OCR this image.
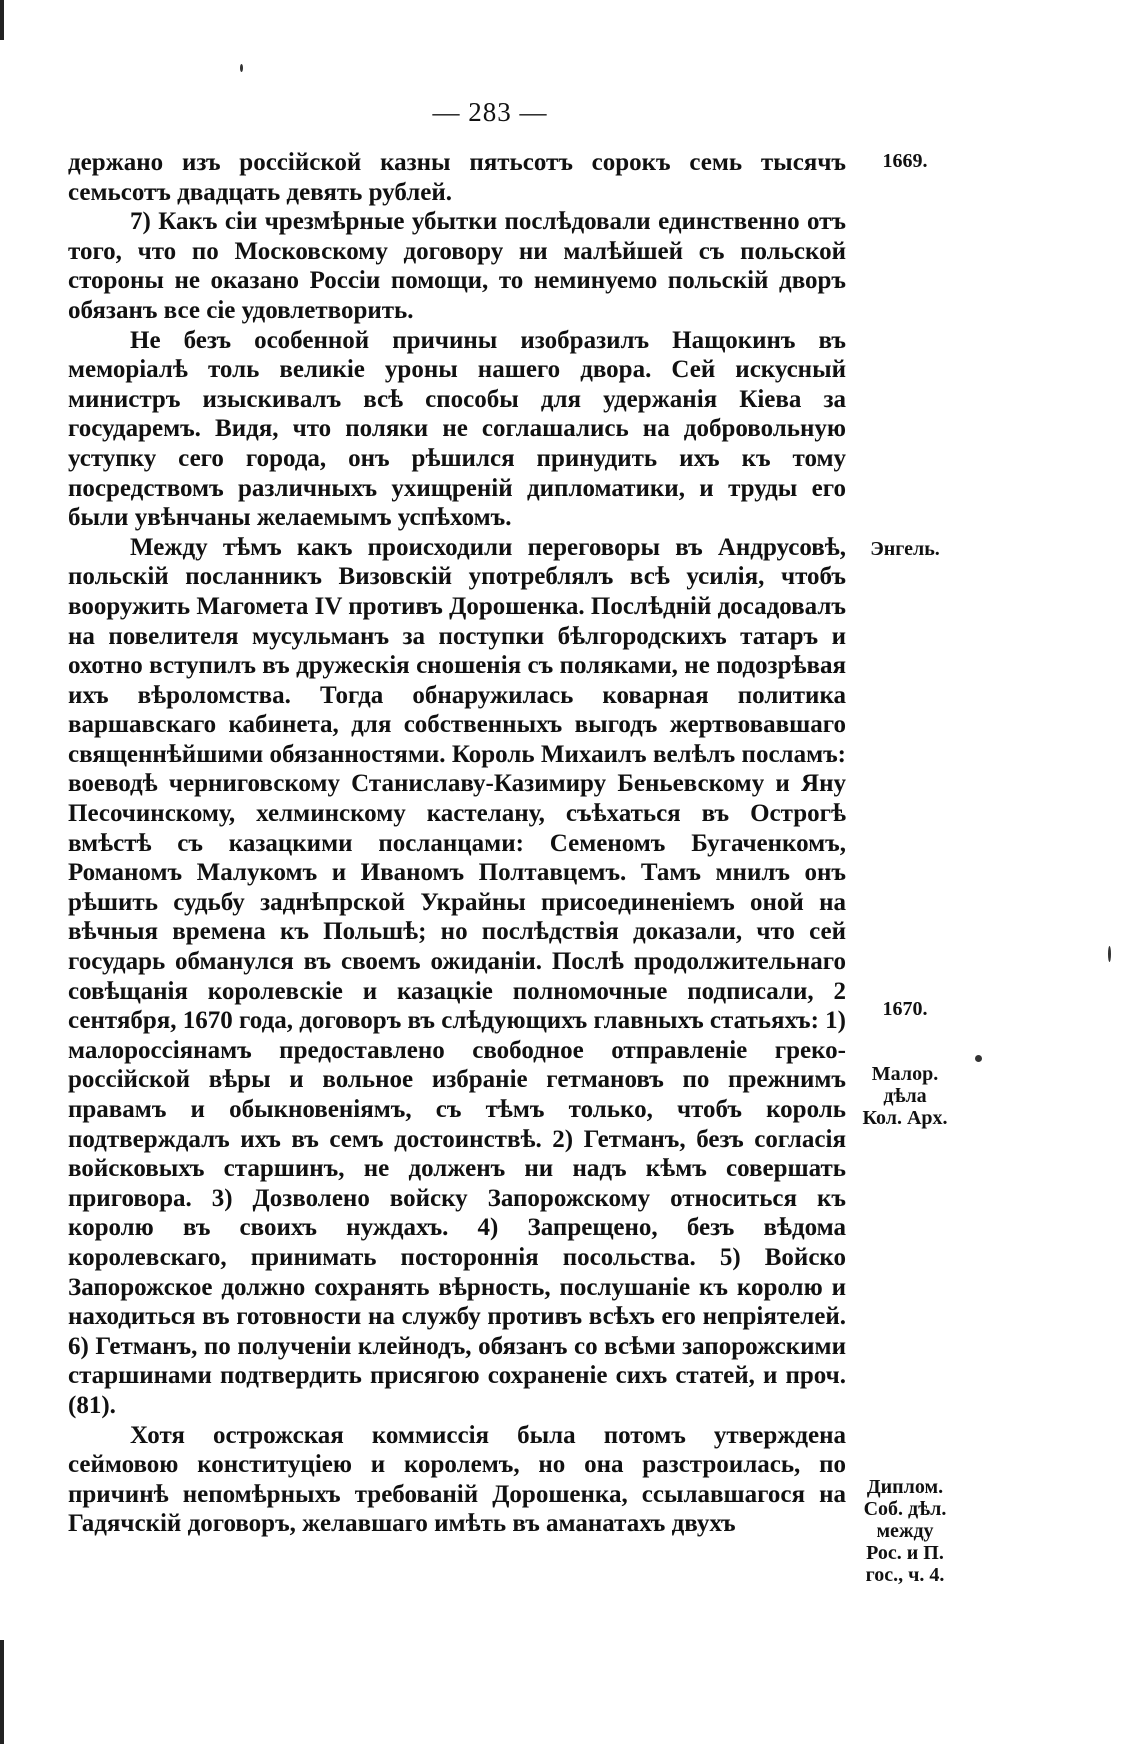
— 283 —

держано изъ россійской казны пятьсотъ сорокъ семь тысячъ семьсотъ двадцать девять рублей.

7) Какъ сіи чрезмѣрные убытки послѣдовали единственно отъ того, что по Московскому договору ни малѣйшей съ польской стороны не оказано Россіи помощи, то неминуемо польскій дворъ обязанъ все сіе удовлетворить.

Не безъ особенной причины изобразилъ Нащокинъ въ меморіалѣ толь великіе уроны нашего двора. Сей искусный министръ изыскивалъ всѣ способы для удержанія Кіева за государемъ. Видя, что поляки не соглашались на добровольную уступку сего города, онъ рѣшился принудить ихъ къ тому посредствомъ различныхъ ухищреній дипломатики, и труды его были увѣнчаны желаемымъ успѣхомъ.

Между тѣмъ какъ происходили переговоры въ Андрусовѣ, польскій посланникъ Визовскій употреблялъ всѣ усилія, чтобъ вооружить Магомета IV противъ Дорошенка. Послѣдній досадовалъ на повелителя мусульманъ за поступки бѣлгородскихъ татаръ и охотно вступилъ въ дружескія сношенія съ поляками, не подозрѣвая ихъ вѣроломства. Тогда обнаружилась коварная политика варшавскаго кабинета, для собственныхъ выгодъ жертвовавшаго священнѣйшими обязанностями. Король Михаилъ велѣлъ посламъ: воеводѣ черниговскому Станиславу-Казимиру Беньевскому и Яну Песочинскому, хелминскому кастелану, съѣхаться въ Острогѣ вмѣстѣ съ казацкими посланцами: Семеномъ Бугаченкомъ, Романомъ Малукомъ и Иваномъ Полтавцемъ. Тамъ мнилъ онъ рѣшить судьбу заднѣпрской Украйны присоединеніемъ оной на вѣчныя времена къ Польшѣ; но послѣдствія доказали, что сей государь обманулся въ своемъ ожиданіи. Послѣ продолжительнаго совѣщанія королевскіе и казацкіе полномочные подписали, 2 сентября, 1670 года, договоръ въ слѣдующихъ главныхъ статьяхъ: 1) малороссіянамъ предоставлено свободное отправленіе греко-россійской вѣры и вольное избраніе гетмановъ по прежнимъ правамъ и обыкновеніямъ, съ тѣмъ только, чтобъ король подтверждалъ ихъ въ семъ достоинствѣ. 2) Гетманъ, безъ согласія войсковыхъ старшинъ, не долженъ ни надъ кѣмъ совершать приговора. 3) Дозволено войску Запорожскому относиться къ королю въ своихъ нуждахъ. 4) Запрещено, безъ вѣдома королевскаго, принимать постороннія посольства. 5) Войско Запорожское должно сохранять вѣрность, послушаніе къ королю и находиться въ готовности на службу противъ всѣхъ его непріятелей. 6) Гетманъ, по полученіи клейнодъ, обязанъ со всѣми запорожскими старшинами подтвердить присягою сохраненіе сихъ статей, и проч. (81).

Хотя острожская коммиссія была потомъ утверждена сеймовою конституціею и королемъ, но она разстроилась, по причинѣ непомѣрныхъ требованій Дорошенка, ссылавшагося на Гадячскій договоръ, желавшаго имѣть въ аманатахъ двухъ

1669.
Энгель.
1670.
Малор.
дѣла
Кол. Арх.
Диплом.
Соб. дѣл.
между
Рос. и П.
гос., ч. 4.
